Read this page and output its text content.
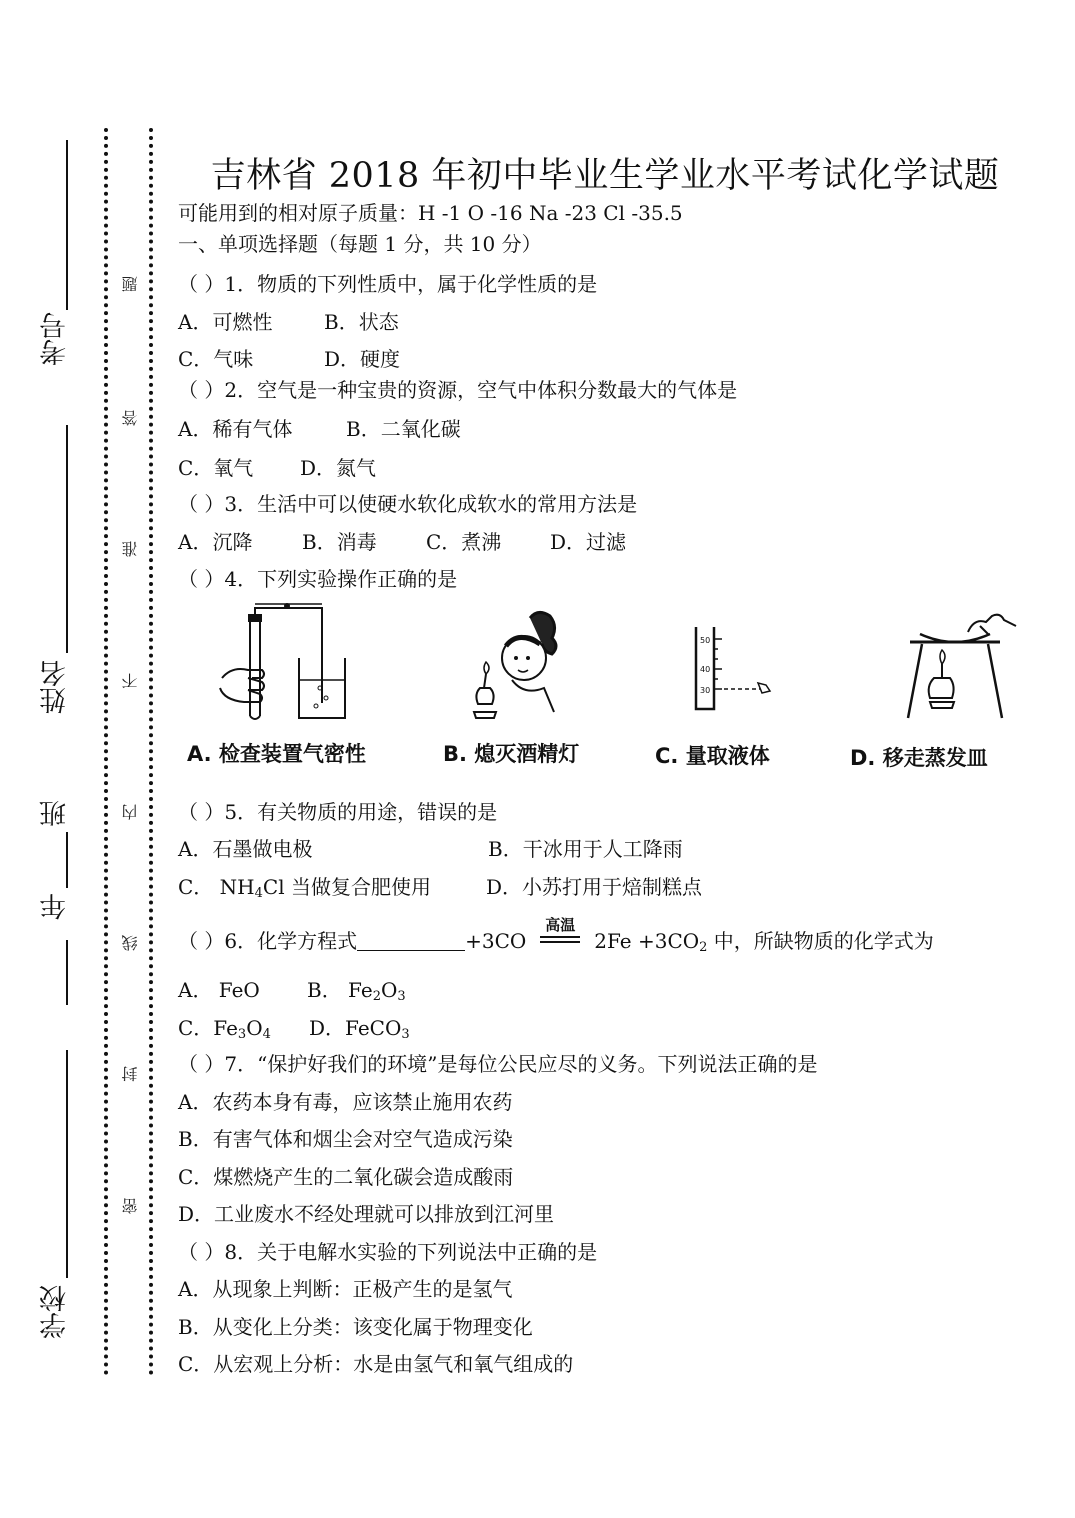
考号
姓名
班
年
学校
题
答
准
不
内
线
封
密
吉林省 2018 年初中毕业生学业水平考试化学试题
可能用到的相对原子质量：H -1 O -16 Na -23 Cl -35.5
一、单项选择题（每题 1 分，共 10 分）
（ ）1．物质的下列性质中，属于化学性质的是
A．可燃性	B．状态
C．气味	D．硬度
（ ）2．空气是一种宝贵的资源，空气中体积分数最大的气体是
A．稀有气体	B．二氧化碳
C．氧气 D．氮气
（ ）3．生活中可以使硬水软化成软水的常用方法是
A．沉降 B．消毒 C．煮沸 D．过滤
（ ）4．下列实验操作正确的是
A. 检查装置气密性	B. 熄灭酒精灯
50
40
30
C. 量取液体	D. 移走蒸发皿
（ ）5．有关物质的用途，错误的是
A．石墨做电极	B．干冰用于人工降雨
C． $NH_4Cl$ 当做复合肥使用	D．小苏打用于焙制糕点
（ ）6．化学方程式	+3CO
高温
$2Fe +3CO_2$ 中，所缺物质的化学式为
A． FeO B． $Fe_2O_3$
C．$Fe_3O_4$ D．FeCO$_3$
（ ）7．“保护好我们的环境”是每位公民应尽的义务。下列说法正确的是
A．农药本身有毒，应该禁止施用农药
B．有害气体和烟尘会对空气造成污染
C．煤燃烧产生的二氧化碳会造成酸雨
D．工业废水不经处理就可以排放到江河里
（ ）8．关于电解水实验的下列说法中正确的是
A．从现象上判断：正极产生的是氢气
B．从变化上分类：该变化属于物理变化
C．从宏观上分析：水是由氢气和氧气组成的
